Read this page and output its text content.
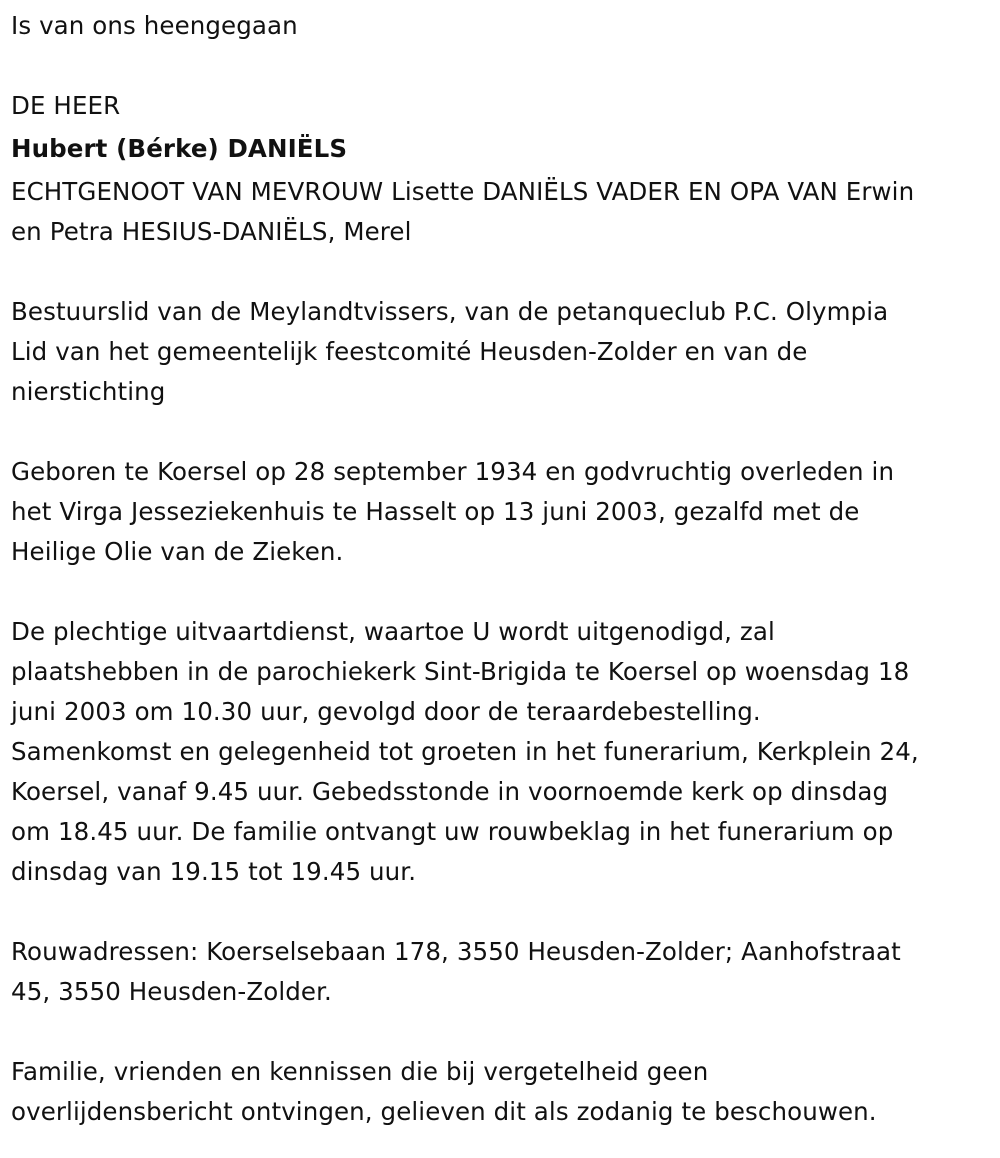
Is van ons heengegaan

DE HEER

Hubert (Bérke) DANIËLS

ECHTGENOOT VAN MEVROUW Lisette DANIËLS VADER EN OPA VAN Erwin

en Petra HESIUS-DANIËLS, Merel

Bestuurslid van de Meylandtvissers, van de petanqueclub P.C. Olympia

Lid van het gemeentelijk feestcomité Heusden-Zolder en van de

nierstichting

Geboren te Koersel op 28 september 1934 en godvruchtig overleden in

het Virga Jesseziekenhuis te Hasselt op 13 juni 2003, gezalfd met de

Heilige Olie van de Zieken.

De plechtige uitvaartdienst, waartoe U wordt uitgenodigd, zal

plaatshebben in de parochiekerk Sint-Brigida te Koersel op woensdag 18

juni 2003 om 10.30 uur, gevolgd door de teraardebestelling.

Samenkomst en gelegenheid tot groeten in het funerarium, Kerkplein 24,

Koersel, vanaf 9.45 uur. Gebedsstonde in voornoemde kerk op dinsdag

om 18.45 uur. De familie ontvangt uw rouwbeklag in het funerarium op

dinsdag van 19.15 tot 19.45 uur.

Rouwadressen: Koerselsebaan 178, 3550 Heusden-Zolder; Aanhofstraat

45, 3550 Heusden-Zolder.

Familie, vrienden en kennissen die bij vergetelheid geen

overlijdensbericht ontvingen, gelieven dit als zodanig te beschouwen.
